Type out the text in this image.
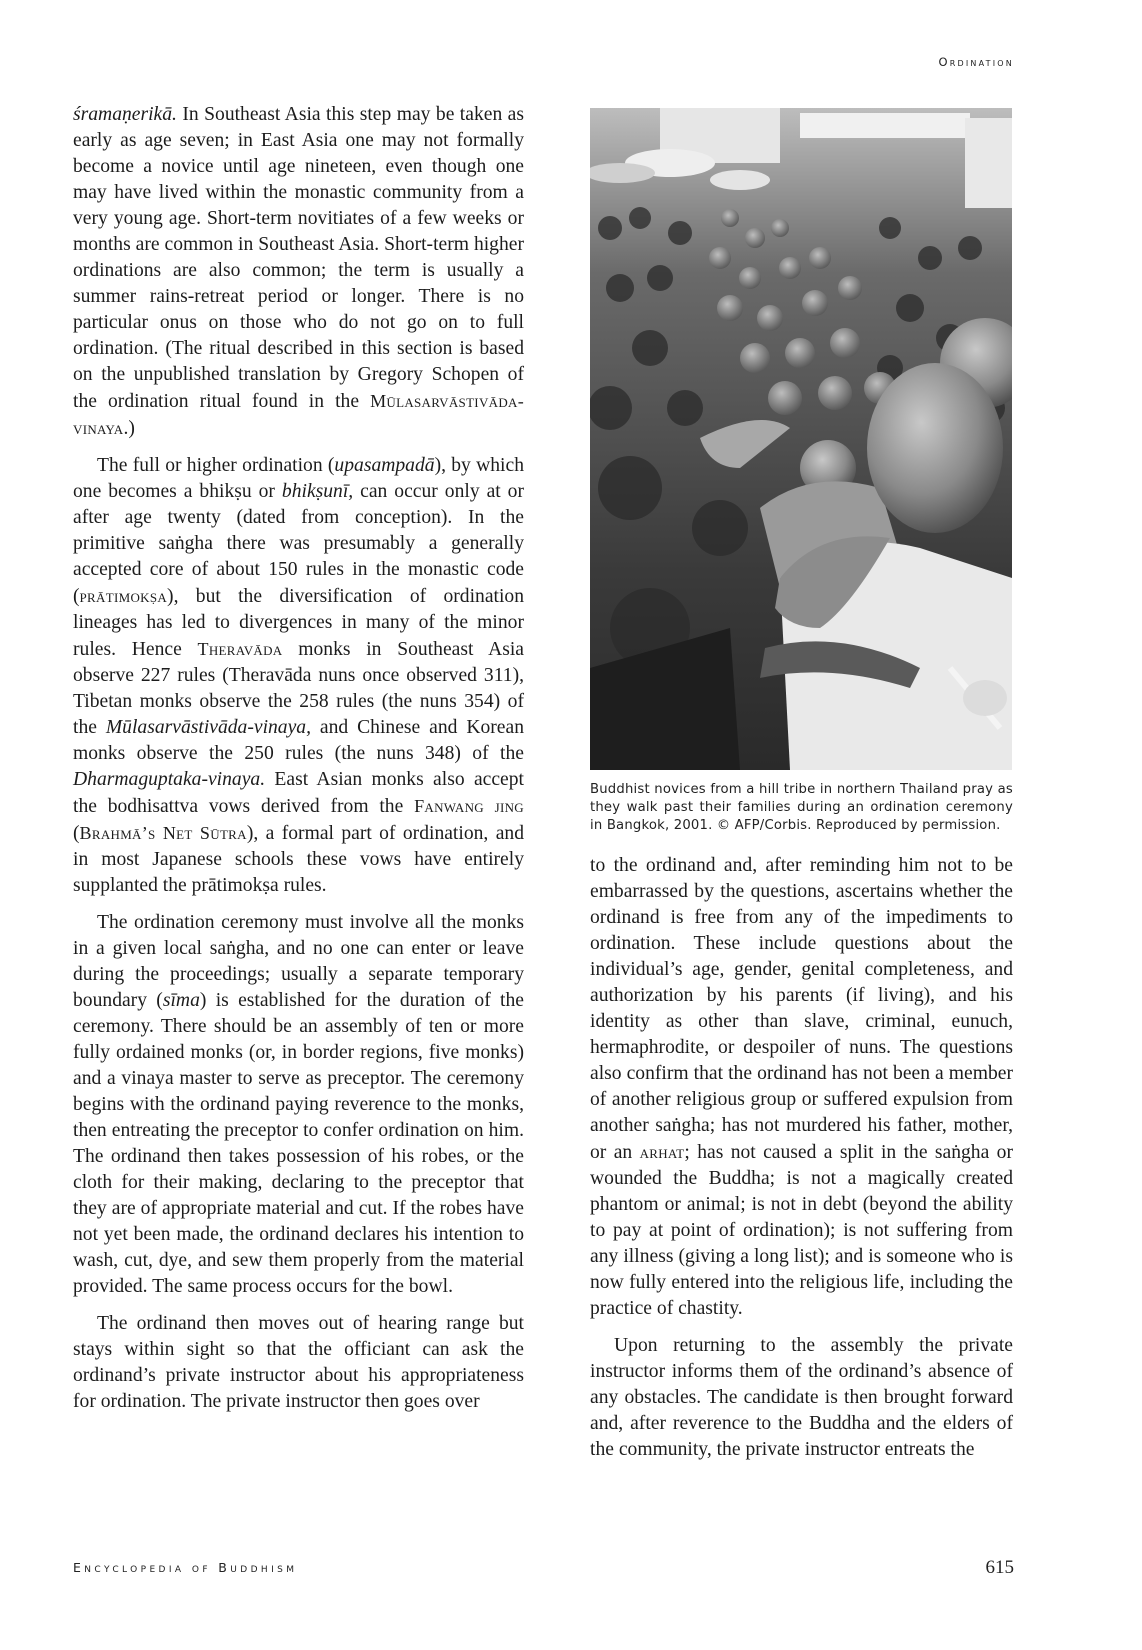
Ordination

śramaṇerikā. In Southeast Asia this step may be taken as early as age seven; in East Asia one may not formally become a novice until age nineteen, even though one may have lived within the monastic community from a very young age. Short-term novitiates of a few weeks or months are common in Southeast Asia. Short-term higher ordinations are also common; the term is usually a summer rains-retreat period or longer. There is no particular onus on those who do not go on to full ordination. (The ritual described in this section is based on the unpublished translation by Gregory Schopen of the ordination ritual found in the Mūlasarvāstivāda-vinaya.)

The full or higher ordination (upasampadā), by which one becomes a bhikṣu or bhikṣunī, can occur only at or after age twenty (dated from conception). In the primitive saṅgha there was presumably a generally accepted core of about 150 rules in the monastic code (prātimokṣa), but the diversification of ordination lineages has led to divergences in many of the minor rules. Hence Theravāda monks in Southeast Asia observe 227 rules (Theravāda nuns once observed 311), Tibetan monks observe the 258 rules (the nuns 354) of the Mūlasarvāstivāda-vinaya, and Chinese and Korean monks observe the 250 rules (the nuns 348) of the Dharmaguptaka-vinaya. East Asian monks also accept the bodhisattva vows derived from the Fanwang jing (Brahmā’s Net Sūtra), a formal part of ordination, and in most Japanese schools these vows have entirely supplanted the prātimokṣa rules.

The ordination ceremony must involve all the monks in a given local saṅgha, and no one can enter or leave during the proceedings; usually a separate temporary boundary (sīma) is established for the duration of the ceremony. There should be an assembly of ten or more fully ordained monks (or, in border regions, five monks) and a vinaya master to serve as preceptor. The ceremony begins with the ordinand paying reverence to the monks, then entreating the preceptor to confer ordination on him. The ordinand then takes possession of his robes, or the cloth for their making, declaring to the preceptor that they are of appropriate material and cut. If the robes have not yet been made, the ordinand declares his intention to wash, cut, dye, and sew them properly from the material provided. The same process occurs for the bowl.

The ordinand then moves out of hearing range but stays within sight so that the officiant can ask the ordinand’s private instructor about his appropriateness for ordination. The private instructor then goes over

Buddhist novices from a hill tribe in northern Thailand pray as they walk past their families during an ordination ceremony in Bangkok, 2001. © AFP/Corbis. Reproduced by permission.

to the ordinand and, after reminding him not to be embarrassed by the questions, ascertains whether the ordinand is free from any of the impediments to ordination. These include questions about the individual’s age, gender, genital completeness, and authorization by his parents (if living), and his identity as other than slave, criminal, eunuch, hermaphrodite, or despoiler of nuns. The questions also confirm that the ordinand has not been a member of another religious group or suffered expulsion from another saṅgha; has not murdered his father, mother, or an arhat; has not caused a split in the saṅgha or wounded the Buddha; is not a magically created phantom or animal; is not in debt (beyond the ability to pay at point of ordination); is not suffering from any illness (giving a long list); and is someone who is now fully entered into the religious life, including the practice of chastity.

Upon returning to the assembly the private instructor informs them of the ordinand’s absence of any obstacles. The candidate is then brought forward and, after reverence to the Buddha and the elders of the community, the private instructor entreats the

Encyclopedia of Buddhism	615
